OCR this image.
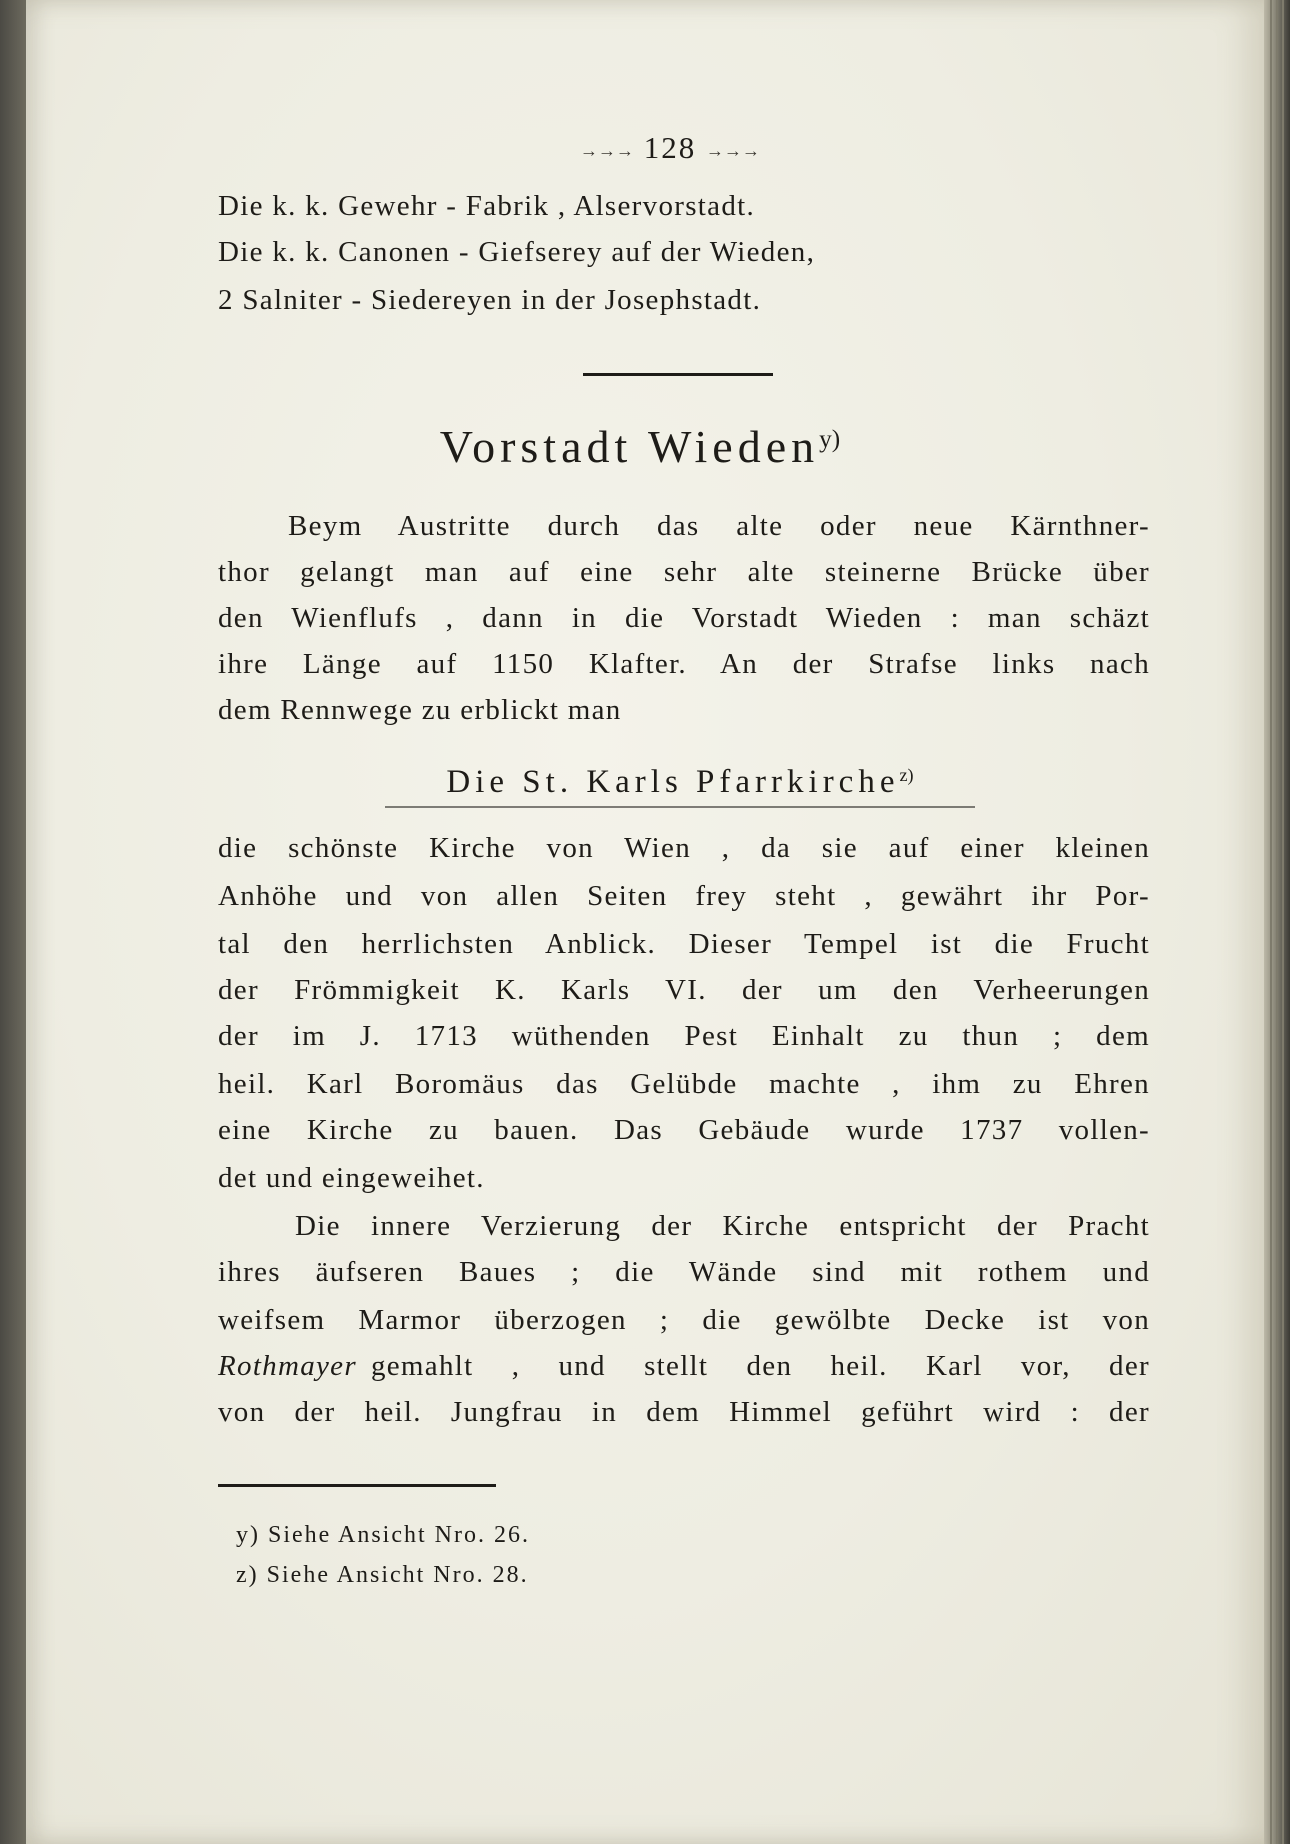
→→→ 128 →→→
Die k. k. Gewehr - Fabrik , Alservorstadt.
Die k. k. Canonen - Giefserey auf der Wieden,
2 Salniter - Siedereyen in der Josephstadt.
Vorstadt Wieden$^{y)}$
Beym Austritte durch das alte oder neue Kärnthner-
thor gelangt man auf eine sehr alte steinerne Brücke über
den Wienflufs , dann in die Vorstadt Wieden : man schäzt
ihre Länge auf 1150 Klafter. An der Strafse links nach
dem Rennwege zu erblickt man
Die St. Karls Pfarrkirche$^{z)}$
die schönste Kirche von Wien , da sie auf einer kleinen
Anhöhe und von allen Seiten frey steht , gewährt ihr Por-
tal den herrlichsten Anblick. Dieser Tempel ist die Frucht
der Frömmigkeit K. Karls VI. der um den Verheerungen
der im J. 1713 wüthenden Pest Einhalt zu thun ; dem
heil. Karl Boromäus das Gelübde machte , ihm zu Ehren
eine Kirche zu bauen. Das Gebäude wurde 1737 vollen-
det und eingeweihet.
Die innere Verzierung der Kirche entspricht der Pracht
ihres äufseren Baues ; die Wände sind mit rothem und
weifsem Marmor überzogen ; die gewölbte Decke ist von
Rothmayer gemahlt , und stellt den heil. Karl vor, der
von der heil. Jungfrau in dem Himmel geführt wird : der
y) Siehe Ansicht Nro. 26.
z) Siehe Ansicht Nro. 28.
